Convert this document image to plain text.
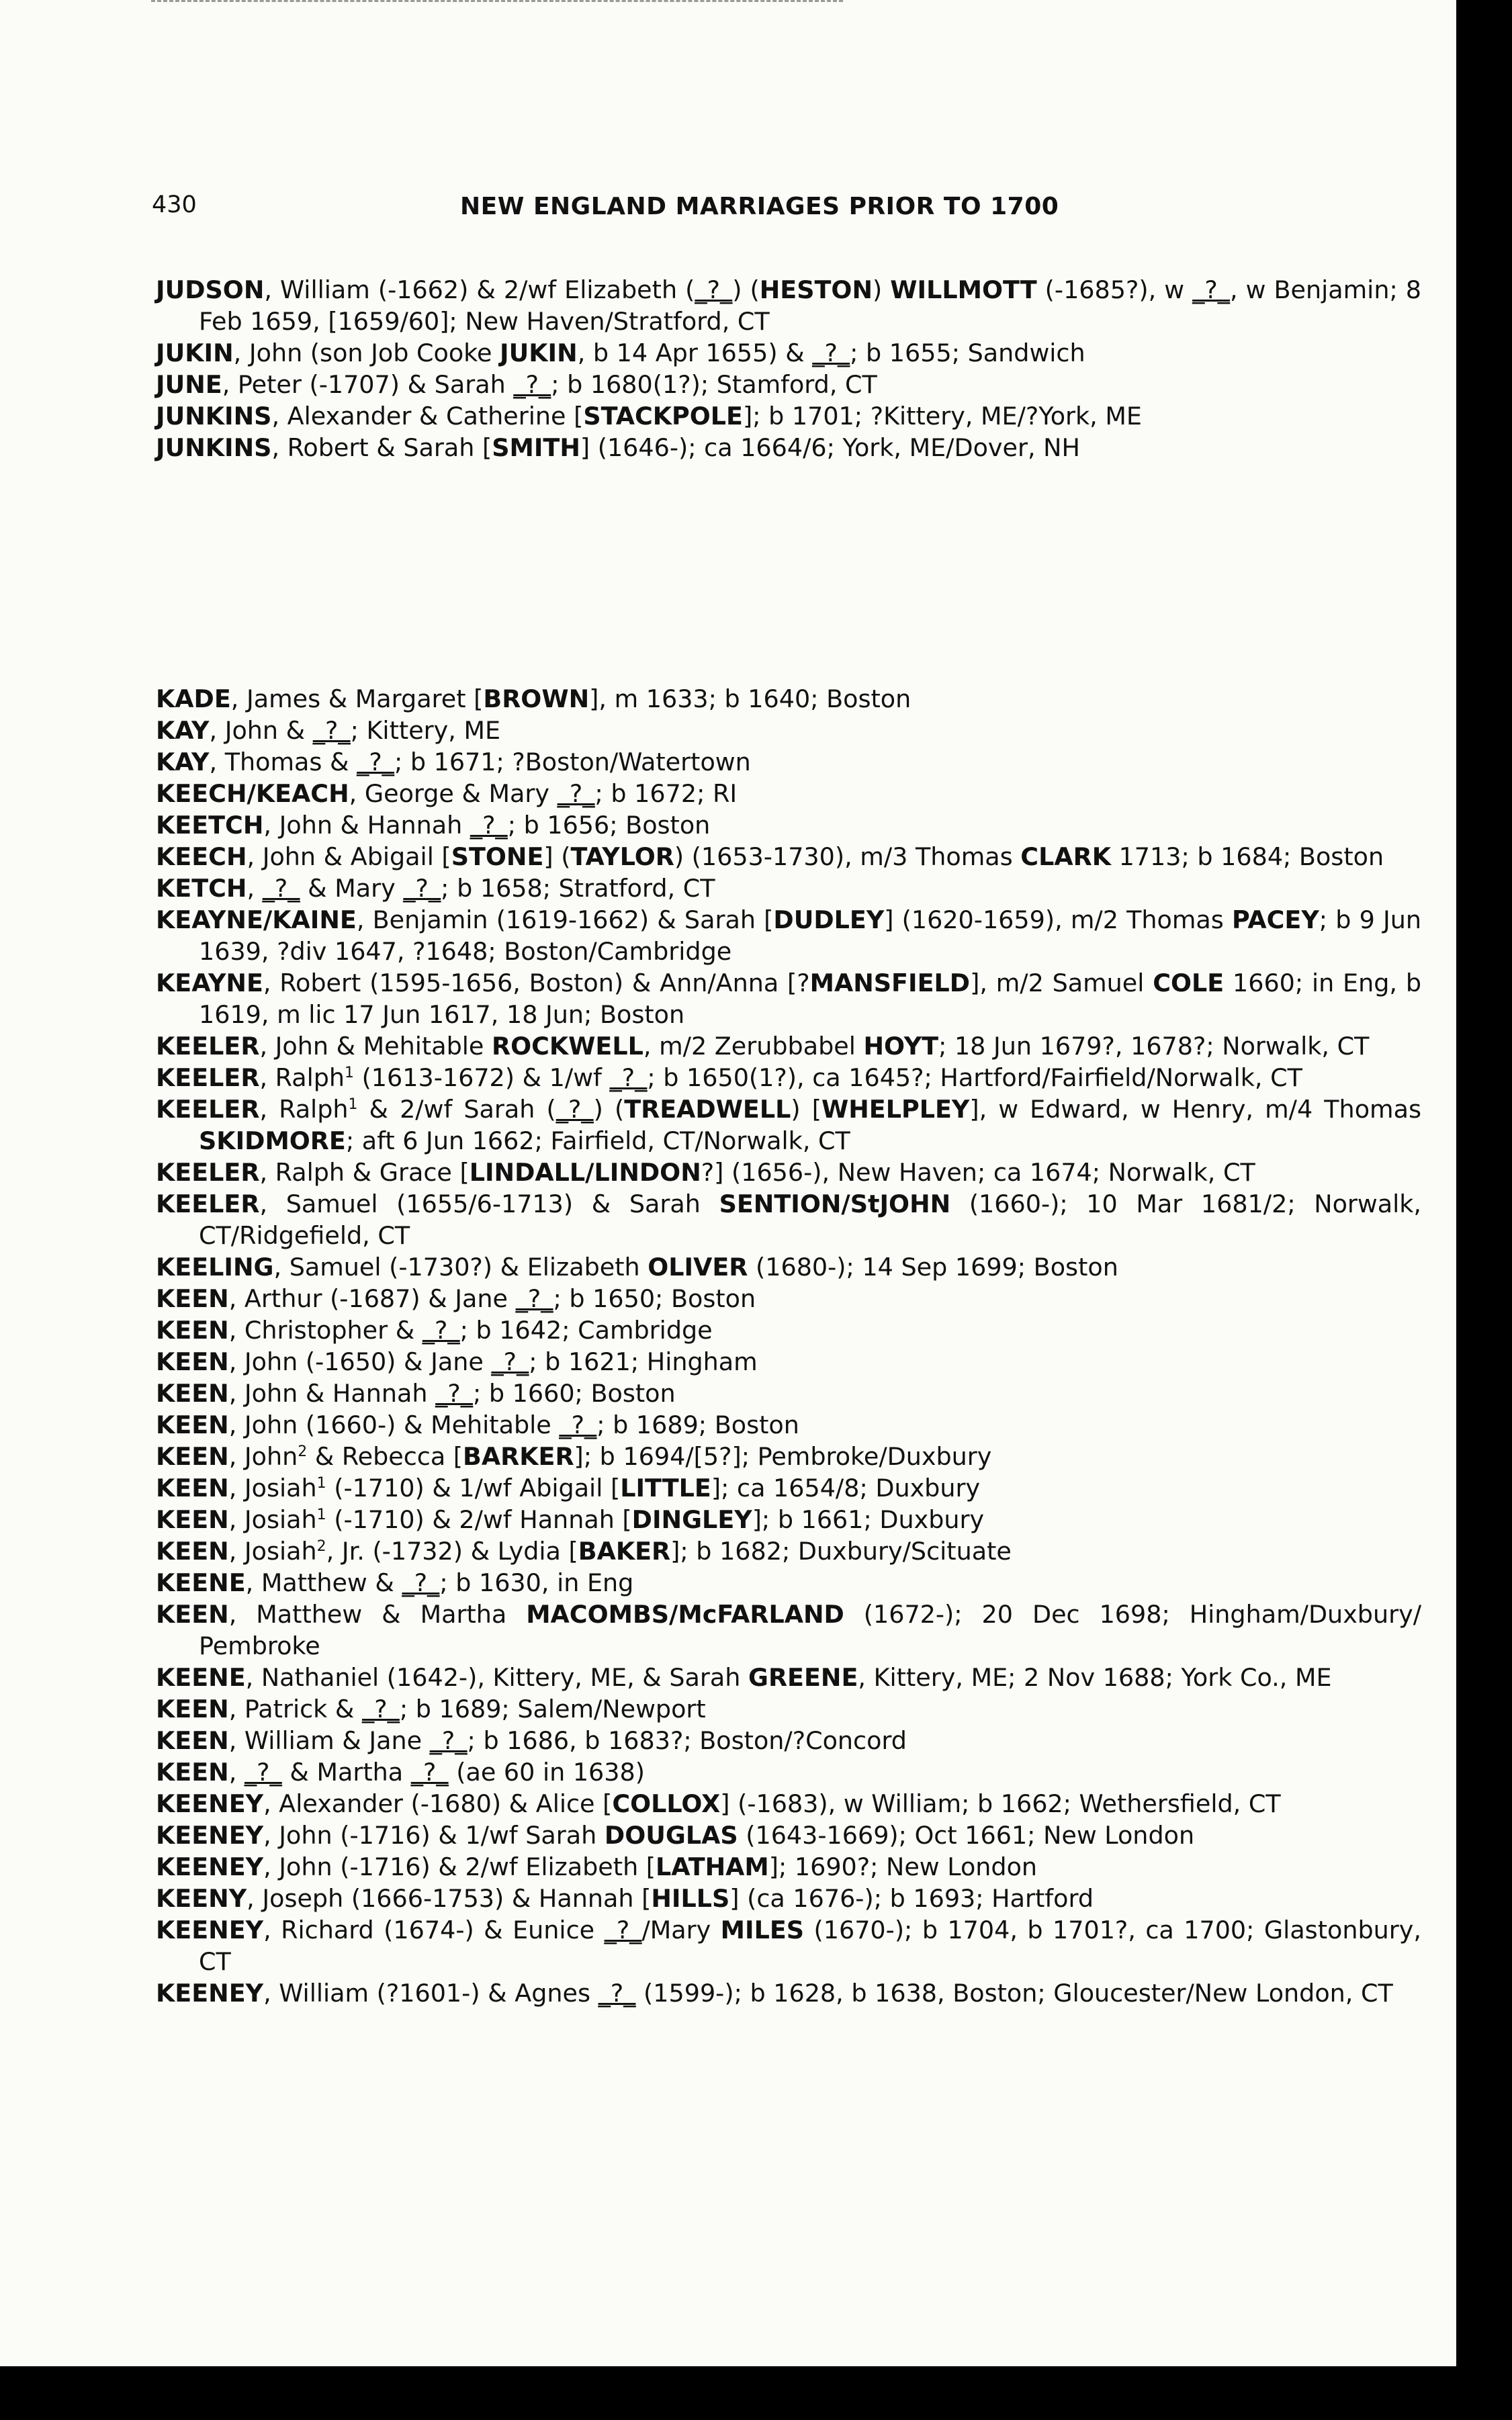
430	NEW ENGLAND MARRIAGES PRIOR TO 1700
JUDSON, William (-1662) & 2/wf Elizabeth (_?_) (HESTON) WILLMOTT (-1685?), w _?_, w Benjamin; 8 Feb 1659, [1659/60]; New Haven/Stratford, CT
JUKIN, John (son Job Cooke JUKIN, b 14 Apr 1655) & _?_; b 1655; Sandwich
JUNE, Peter (-1707) & Sarah _?_; b 1680(1?); Stamford, CT
JUNKINS, Alexander & Catherine [STACKPOLE]; b 1701; ?Kittery, ME/?York, ME
JUNKINS, Robert & Sarah [SMITH] (1646-); ca 1664/6; York, ME/Dover, NH
KADE, James & Margaret [BROWN], m 1633; b 1640; Boston
KAY, John & _?_; Kittery, ME
KAY, Thomas & _?_; b 1671; ?Boston/Watertown
KEECH/KEACH, George & Mary _?_; b 1672; RI
KEETCH, John & Hannah _?_; b 1656; Boston
KEECH, John & Abigail [STONE] (TAYLOR) (1653-1730), m/3 Thomas CLARK 1713; b 1684; Boston
KETCH, _?_ & Mary _?_; b 1658; Stratford, CT
KEAYNE/KAINE, Benjamin (1619-1662) & Sarah [DUDLEY] (1620-1659), m/2 Thomas PACEY; b 9 Jun 1639, ?div 1647, ?1648; Boston/Cambridge
KEAYNE, Robert (1595-1656, Boston) & Ann/Anna [?MANSFIELD], m/2 Samuel COLE 1660; in Eng, b 1619, m lic 17 Jun 1617, 18 Jun; Boston
KEELER, John & Mehitable ROCKWELL, m/2 Zerubbabel HOYT; 18 Jun 1679?, 1678?; Norwalk, CT
KEELER, Ralph$^1$ (1613-1672) & 1/wf _?_; b 1650(1?), ca 1645?; Hartford/Fairfield/Norwalk, CT
KEELER, Ralph$^1$ & 2/wf Sarah (_?_) (TREADWELL) [WHELPLEY], w Edward, w Henry, m/4 Thomas SKIDMORE; aft 6 Jun 1662; Fairfield, CT/Norwalk, CT
KEELER, Ralph & Grace [LINDALL/LINDON?] (1656-), New Haven; ca 1674; Norwalk, CT
KEELER, Samuel (1655/6-1713) & Sarah SENTION/StJOHN (1660-); 10 Mar 1681/2; Norwalk, CT/Ridgefield, CT
KEELING, Samuel (-1730?) & Elizabeth OLIVER (1680-); 14 Sep 1699; Boston
KEEN, Arthur (-1687) & Jane _?_; b 1650; Boston
KEEN, Christopher & _?_; b 1642; Cambridge
KEEN, John (-1650) & Jane _?_; b 1621; Hingham
KEEN, John & Hannah _?_; b 1660; Boston
KEEN, John (1660-) & Mehitable _?_; b 1689; Boston
KEEN, John$^2$ & Rebecca [BARKER]; b 1694/[5?]; Pembroke/Duxbury
KEEN, Josiah$^1$ (-1710) & 1/wf Abigail [LITTLE]; ca 1654/8; Duxbury
KEEN, Josiah$^1$ (-1710) & 2/wf Hannah [DINGLEY]; b 1661; Duxbury
KEEN, Josiah$^2$, Jr. (-1732) & Lydia [BAKER]; b 1682; Duxbury/Scituate
KEENE, Matthew & _?_; b 1630, in Eng
KEEN, Matthew & Martha MACOMBS/McFARLAND (1672-); 20 Dec 1698; Hingham/Duxbury/ Pembroke
KEENE, Nathaniel (1642-), Kittery, ME, & Sarah GREENE, Kittery, ME; 2 Nov 1688; York Co., ME
KEEN, Patrick & _?_; b 1689; Salem/Newport
KEEN, William & Jane _?_; b 1686, b 1683?; Boston/?Concord
KEEN, _?_ & Martha _?_ (ae 60 in 1638)
KEENEY, Alexander (-1680) & Alice [COLLOX] (-1683), w William; b 1662; Wethersfield, CT
KEENEY, John (-1716) & 1/wf Sarah DOUGLAS (1643-1669); Oct 1661; New London
KEENEY, John (-1716) & 2/wf Elizabeth [LATHAM]; 1690?; New London
KEENY, Joseph (1666-1753) & Hannah [HILLS] (ca 1676-); b 1693; Hartford
KEENEY, Richard (1674-) & Eunice _?_/Mary MILES (1670-); b 1704, b 1701?, ca 1700; Glastonbury, CT
KEENEY, William (?1601-) & Agnes _?_ (1599-); b 1628, b 1638, Boston; Gloucester/New London, CT
